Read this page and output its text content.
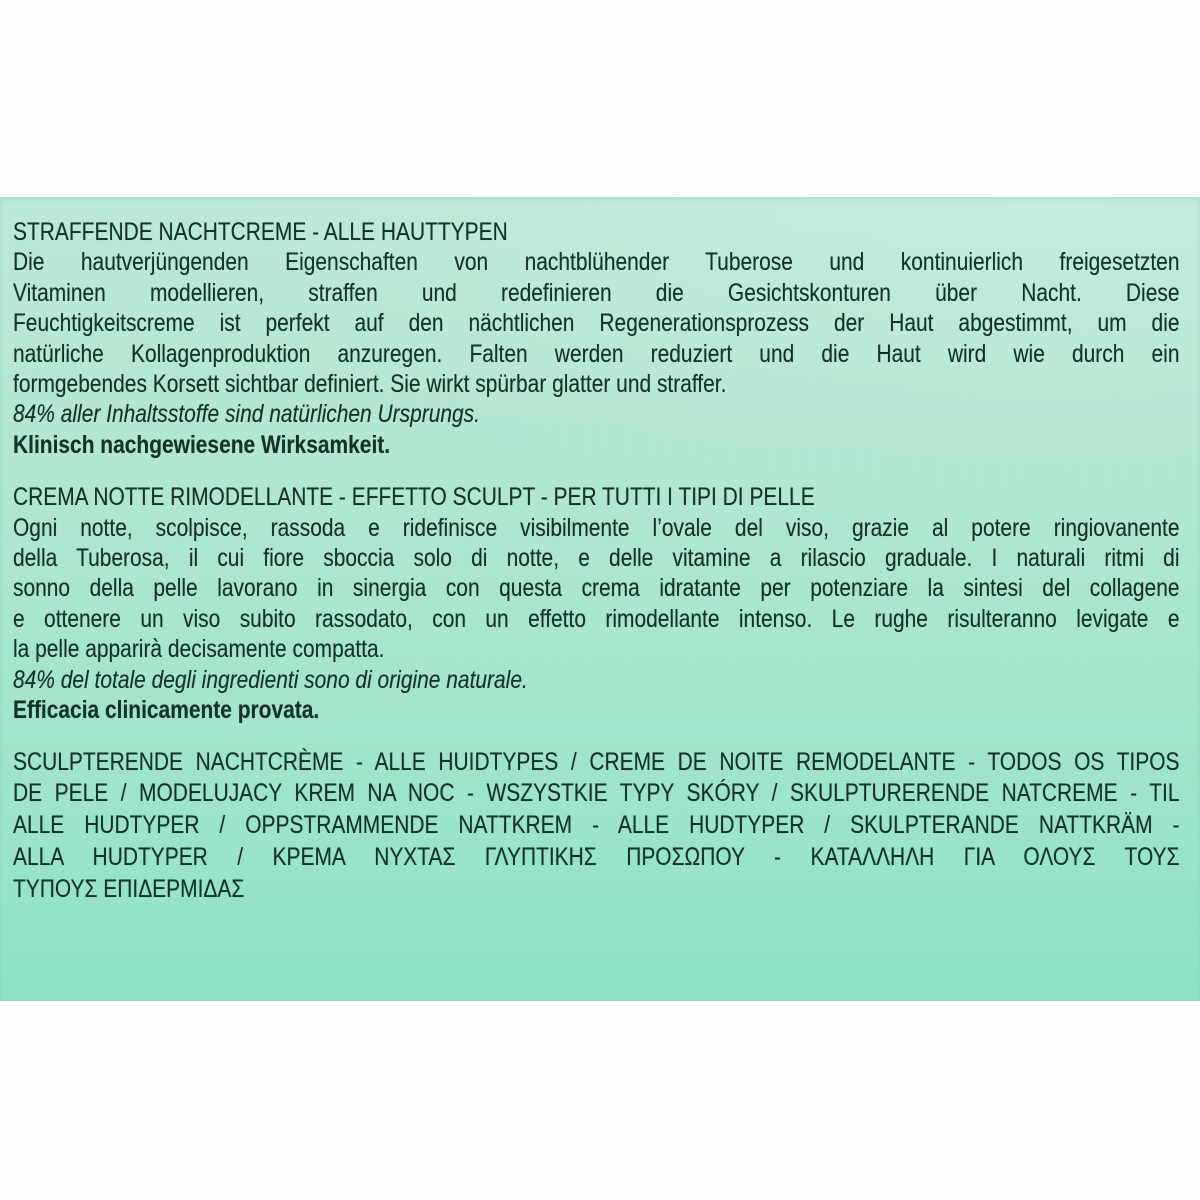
STRAFFENDE NACHTCREME - ALLE HAUTTYPEN
Die hautverjüngenden Eigenschaften von nachtblühender Tuberose und kontinuierlich freigesetzten
Vitaminen modellieren, straffen und redefinieren die Gesichtskonturen über Nacht. Diese
Feuchtigkeitscreme ist perfekt auf den nächtlichen Regenerationsprozess der Haut abgestimmt, um die
natürliche Kollagenproduktion anzuregen. Falten werden reduziert und die Haut wird wie durch ein
formgebendes Korsett sichtbar definiert. Sie wirkt spürbar glatter und straffer.
84% aller Inhaltsstoffe sind natürlichen Ursprungs.
Klinisch nachgewiesene Wirksamkeit.
CREMA NOTTE RIMODELLANTE - EFFETTO SCULPT - PER TUTTI I TIPI DI PELLE
Ogni notte, scolpisce, rassoda e ridefinisce visibilmente l’ovale del viso, grazie al potere ringiovanente
della Tuberosa, il cui fiore sboccia solo di notte, e delle vitamine a rilascio graduale. I naturali ritmi di
sonno della pelle lavorano in sinergia con questa crema idratante per potenziare la sintesi del collagene
e ottenere un viso subito rassodato, con un effetto rimodellante intenso. Le rughe risulteranno levigate e
la pelle apparirà decisamente compatta.
84% del totale degli ingredienti sono di origine naturale.
Efficacia clinicamente provata.
SCULPTERENDE NACHTCRÈME - ALLE HUIDTYPES / CREME DE NOITE REMODELANTE - TODOS OS TIPOS
DE PELE / MODELUJACY KREM NA NOC - WSZYSTKIE TYPY SKÓRY / SKULPTURERENDE NATCREME - TIL
ALLE HUDTYPER / OPPSTRAMMENDE NATTKREM - ALLE HUDTYPER / SKULPTERANDE NATTKRÄM -
ALLA HUDTYPER / ΚΡΕΜΑ ΝΥΧΤΑΣ ΓΛΥΠΤΙΚΗΣ ΠΡΟΣΩΠΟΥ - ΚΑΤΑΛΛΗΛΗ ΓΙΑ ΟΛΟΥΣ ΤΟΥΣ
ΤΥΠΟΥΣ ΕΠΙΔΕΡΜΙΔΑΣ
